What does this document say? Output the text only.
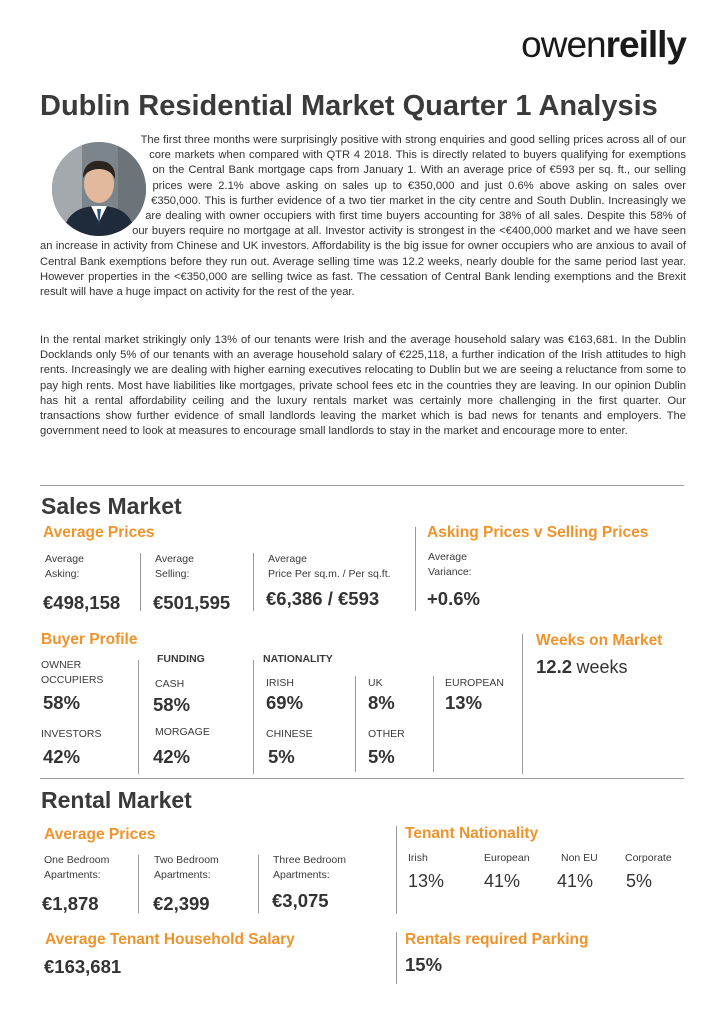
owenreilly
Dublin Residential Market Quarter 1 Analysis
The first three months were surprisingly positive with strong enquiries and good selling prices across all of our core markets when compared with QTR 4 2018. This is directly related to buyers qualifying for exemptions on the Central Bank mortgage caps from January 1. With an average price of €593 per sq. ft., our selling prices were 2.1% above asking on sales up to €350,000 and just 0.6% above asking on sales over €350,000. This is further evidence of a two tier market in the city centre and South Dublin. Increasingly we are dealing with owner occupiers with first time buyers accounting for 38% of all sales. Despite this 58% of our buyers require no mortgage at all. Investor activity is strongest in the <€400,000 market and we have seen an increase in activity from Chinese and UK investors. Affordability is the big issue for owner occupiers who are anxious to avail of Central Bank exemptions before they run out. Average selling time was 12.2 weeks, nearly double for the same period last year. However properties in the <€350,000 are selling twice as fast. The cessation of Central Bank lending exemptions and the Brexit result will have a huge impact on activity for the rest of the year.
In the rental market strikingly only 13% of our tenants were Irish and the average household salary was €163,681. In the Dublin Docklands only 5% of our tenants with an average household salary of €225,118, a further indication of the Irish attitudes to high rents. Increasingly we are dealing with higher earning executives relocating to Dublin but we are seeing a reluctance from some to pay high rents. Most have liabilities like mortgages, private school fees etc in the countries they are leaving. In our opinion Dublin has hit a rental affordability ceiling and the luxury rentals market was certainly more challenging in the first quarter. Our transactions show further evidence of small landlords leaving the market which is bad news for tenants and employers. The government need to look at measures to encourage small landlords to stay in the market and encourage more to enter.
Sales Market
Average Prices
Average
Asking:
€498,158
Average
Selling:
€501,595
Average
Price Per sq.m. / Per sq.ft.
€6,386 / €593
Asking Prices v Selling Prices
Average
Variance:
+0.6%
Buyer Profile
OWNER
OCCUPIERS
58%
INVESTORS
42%
FUNDING
CASH
58%
MORGAGE
42%
NATIONALITY
IRISH
69%
CHINESE
5%
UK
8%
OTHER
5%
EUROPEAN
13%
Weeks on Market
12.2 weeks
Rental Market
Average Prices
One Bedroom
Apartments:
€1,878
Two Bedroom
Apartments:
€2,399
Three Bedroom
Apartments:
€3,075
Tenant Nationality
Irish
13%
European
41%
Non EU
41%
Corporate
5%
Average Tenant Household Salary
€163,681
Rentals required Parking
15%
